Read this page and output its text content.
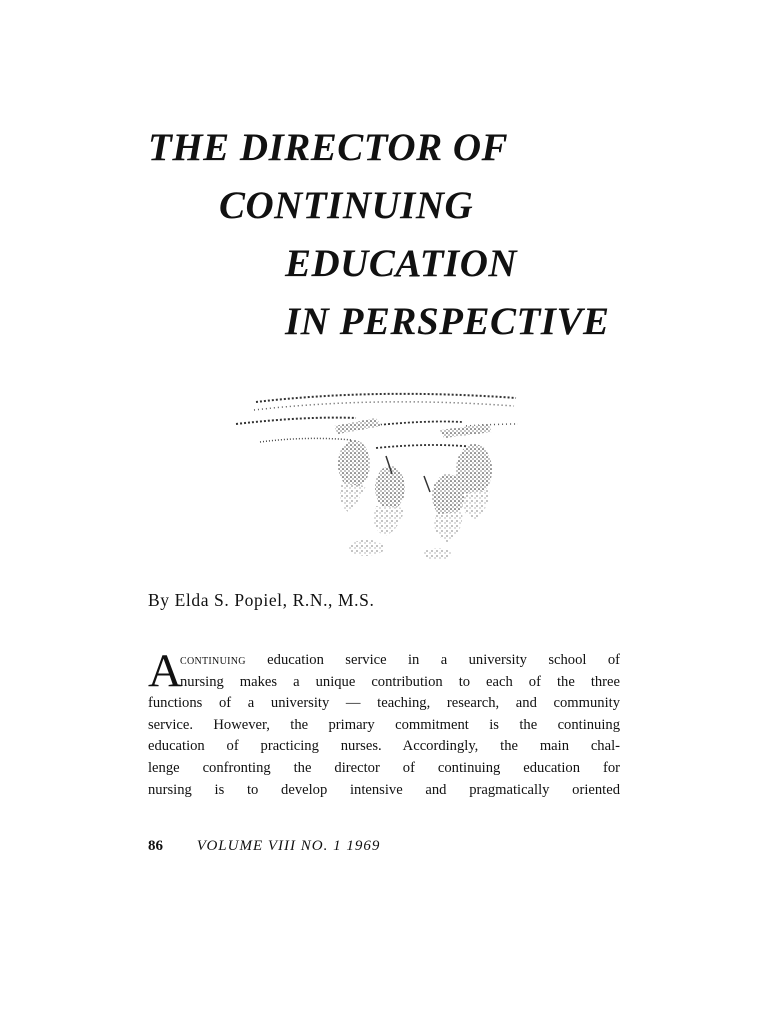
THE DIRECTOR OF
CONTINUING
EDUCATION
IN PERSPECTIVE

By Elda S. Popiel, R.N., M.S.

A
continuing education service in a university school of
nursing makes a unique contribution to each of the three
functions of a university — teaching, research, and community
service. However, the primary commitment is the continuing
education of practicing nurses. Accordingly, the main chal-
lenge confronting the director of continuing education for
nursing is to develop intensive and pragmatically oriented

86 VOLUME VIII NO. 1 1969
